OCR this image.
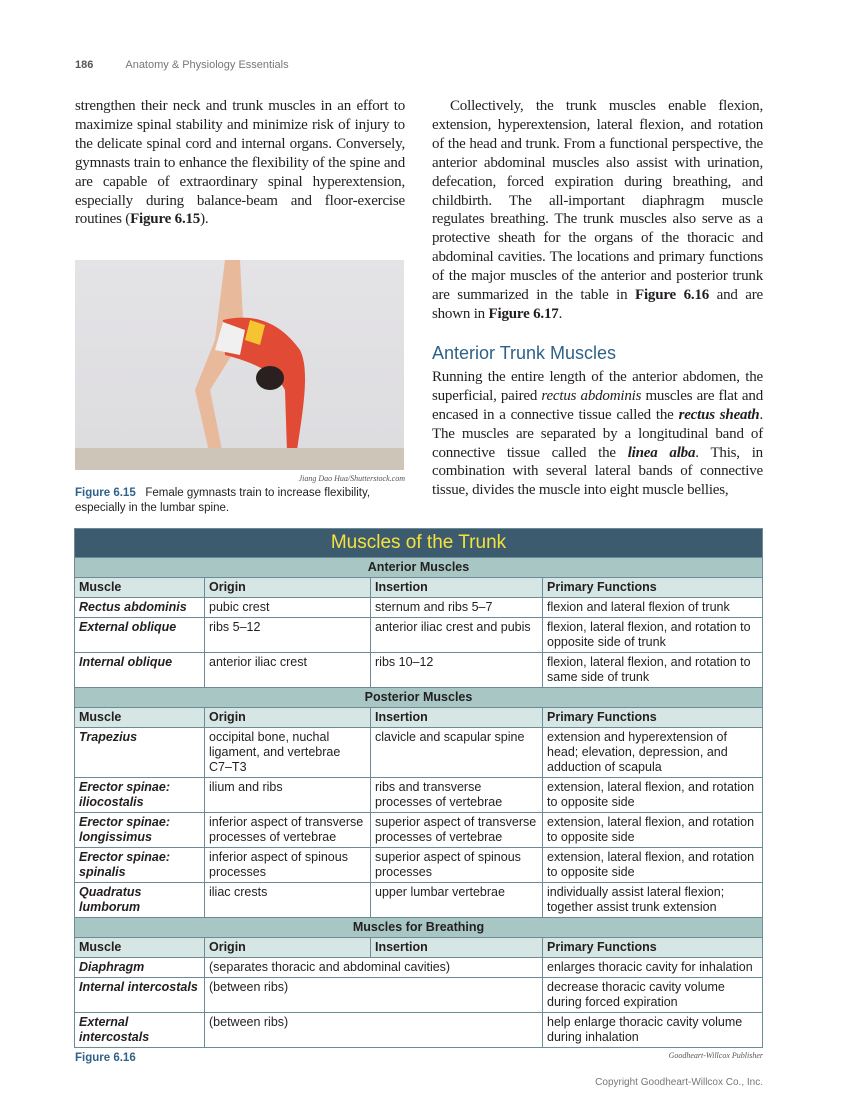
186	Anatomy & Physiology Essentials

strengthen their neck and trunk muscles in an effort to maximize spinal stability and minimize risk of injury to the delicate spinal cord and internal organs. Conversely, gymnasts train to enhance the flexibility of the spine and are capable of extraordinary spinal hyperextension, especially during balance-beam and floor-exercise routines (Figure 6.15).

Jiang Dao Hua/Shutterstock.com
Figure 6.15 Female gymnasts train to increase flexibility, especially in the lumbar spine.

Collectively, the trunk muscles enable flexion, extension, hyperextension, lateral flexion, and rotation of the head and trunk. From a functional perspective, the anterior abdominal muscles also assist with urination, defecation, forced expiration during breathing, and childbirth. The all-important diaphragm muscle regulates breathing. The trunk muscles also serve as a protective sheath for the organs of the thoracic and abdominal cavities. The locations and primary functions of the major muscles of the anterior and posterior trunk are summarized in the table in Figure 6.16 and are shown in Figure 6.17.

Anterior Trunk Muscles

Running the entire length of the anterior abdomen, the superficial, paired rectus abdominis muscles are flat and encased in a connective tissue called the rectus sheath. The muscles are separated by a longitudinal band of connective tissue called the linea alba. This, in combination with several lateral bands of connective tissue, divides the muscle into eight muscle bellies,

Muscles of the Trunk			
Anterior Muscles			
Muscle	Origin	Insertion	Primary Functions
Rectus abdominis	pubic crest	sternum and ribs 5–7	flexion and lateral flexion of trunk
External oblique	ribs 5–12	anterior iliac crest and pubis	flexion, lateral flexion, and rotation to opposite side of trunk
Internal oblique	anterior iliac crest	ribs 10–12	flexion, lateral flexion, and rotation to same side of trunk
Posterior Muscles			
Muscle	Origin	Insertion	Primary Functions
Trapezius	occipital bone, nuchal ligament, and vertebrae C7–T3	clavicle and scapular spine	extension and hyperextension of head; elevation, depression, and adduction of scapula
Erector spinae: iliocostalis	ilium and ribs	ribs and transverse processes of vertebrae	extension, lateral flexion, and rotation to opposite side
Erector spinae: longissimus	inferior aspect of transverse processes of vertebrae	superior aspect of transverse processes of vertebrae	extension, lateral flexion, and rotation to opposite side
Erector spinae: spinalis	inferior aspect of spinous processes	superior aspect of spinous processes	extension, lateral flexion, and rotation to opposite side
Quadratus lumborum	iliac crests	upper lumbar vertebrae	individually assist lateral flexion; together assist trunk extension
Muscles for Breathing			
Muscle	Origin	Insertion	Primary Functions
Diaphragm	(separates thoracic and abdominal cavities)		enlarges thoracic cavity for inhalation
Internal intercostals	(between ribs)		decrease thoracic cavity volume during forced expiration
External intercostals	(between ribs)		help enlarge thoracic cavity volume during inhalation
Figure 6.16	Goodheart-Willcox Publisher
Copyright Goodheart-Willcox Co., Inc.
